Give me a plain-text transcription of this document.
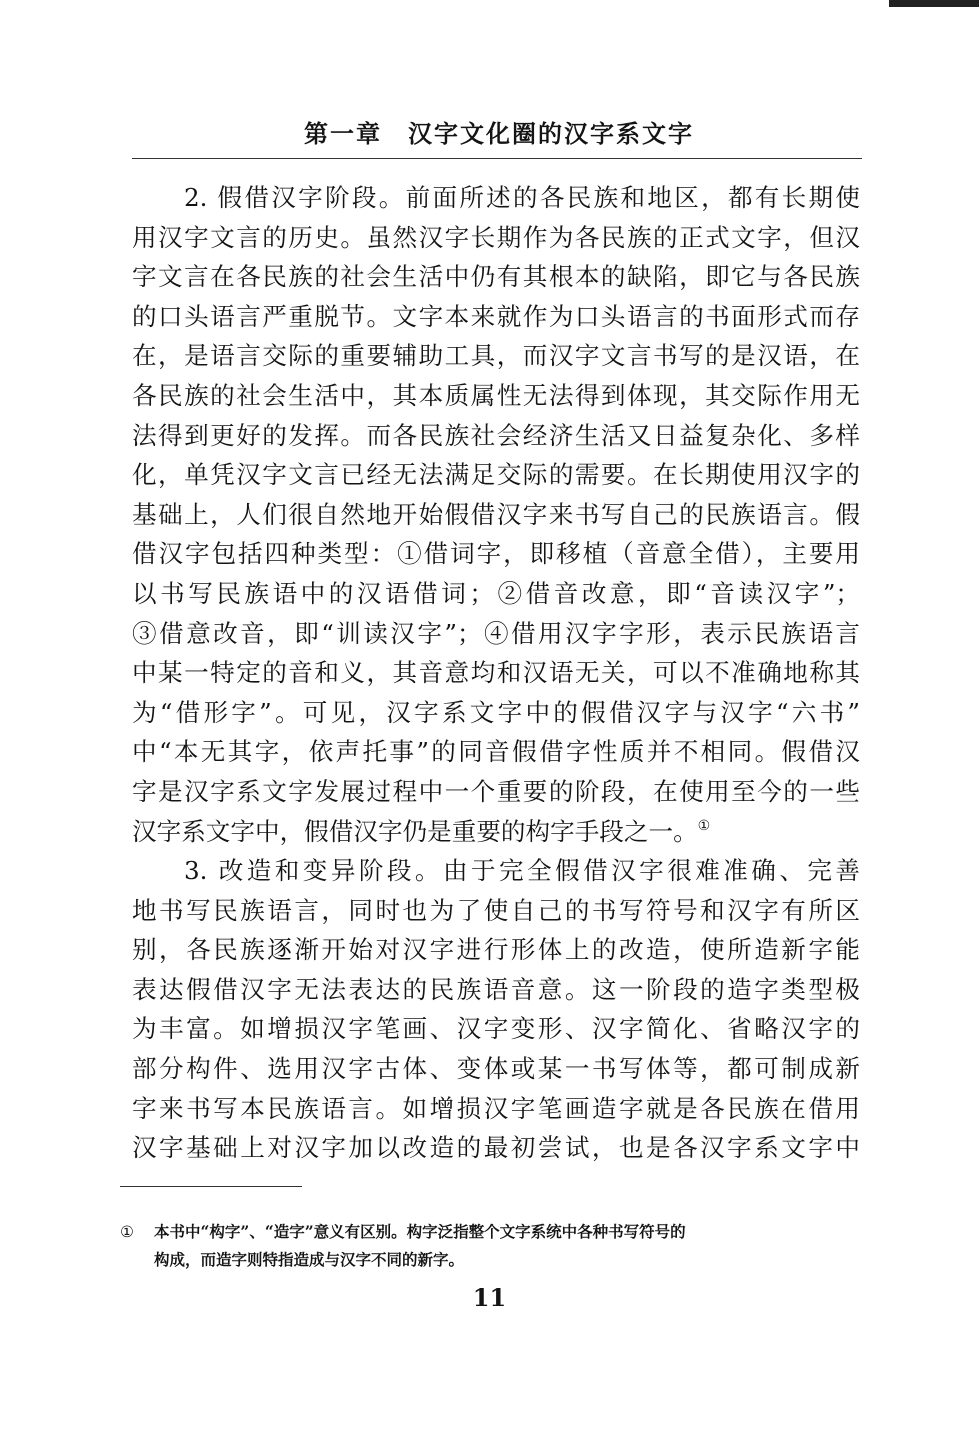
第一章　汉字文化圈的汉字系文字
2. 假借汉字阶段。前面所述的各民族和地区，都有长期使
用汉字文言的历史。虽然汉字长期作为各民族的正式文字，但汉
字文言在各民族的社会生活中仍有其根本的缺陷，即它与各民族
的口头语言严重脱节。文字本来就作为口头语言的书面形式而存
在，是语言交际的重要辅助工具，而汉字文言书写的是汉语，在
各民族的社会生活中，其本质属性无法得到体现，其交际作用无
法得到更好的发挥。而各民族社会经济生活又日益复杂化、多样
化，单凭汉字文言已经无法满足交际的需要。在长期使用汉字的
基础上，人们很自然地开始假借汉字来书写自己的民族语言。假
借汉字包括四种类型：①借词字，即移植（音意全借），主要用
以书写民族语中的汉语借词；②借音改意，即“音读汉字”；
③借意改音，即“训读汉字”；④借用汉字字形，表示民族语言
中某一特定的音和义，其音意均和汉语无关，可以不准确地称其
为“借形字”。可见，汉字系文字中的假借汉字与汉字“六书”
中“本无其字，依声托事”的同音假借字性质并不相同。假借汉
字是汉字系文字发展过程中一个重要的阶段，在使用至今的一些
汉字系文字中，假借汉字仍是重要的构字手段之一。①
3. 改造和变异阶段。由于完全假借汉字很难准确、完善
地书写民族语言，同时也为了使自己的书写符号和汉字有所区
别，各民族逐渐开始对汉字进行形体上的改造，使所造新字能
表达假借汉字无法表达的民族语音意。这一阶段的造字类型极
为丰富。如增损汉字笔画、汉字变形、汉字简化、省略汉字的
部分构件、选用汉字古体、变体或某一书写体等，都可制成新
字来书写本民族语言。如增损汉字笔画造字就是各民族在借用
汉字基础上对汉字加以改造的最初尝试，也是各汉字系文字中
① 本书中“构字”、“造字”意义有区别。构字泛指整个文字系统中各种书写符号的
构成，而造字则特指造成与汉字不同的新字。
11
